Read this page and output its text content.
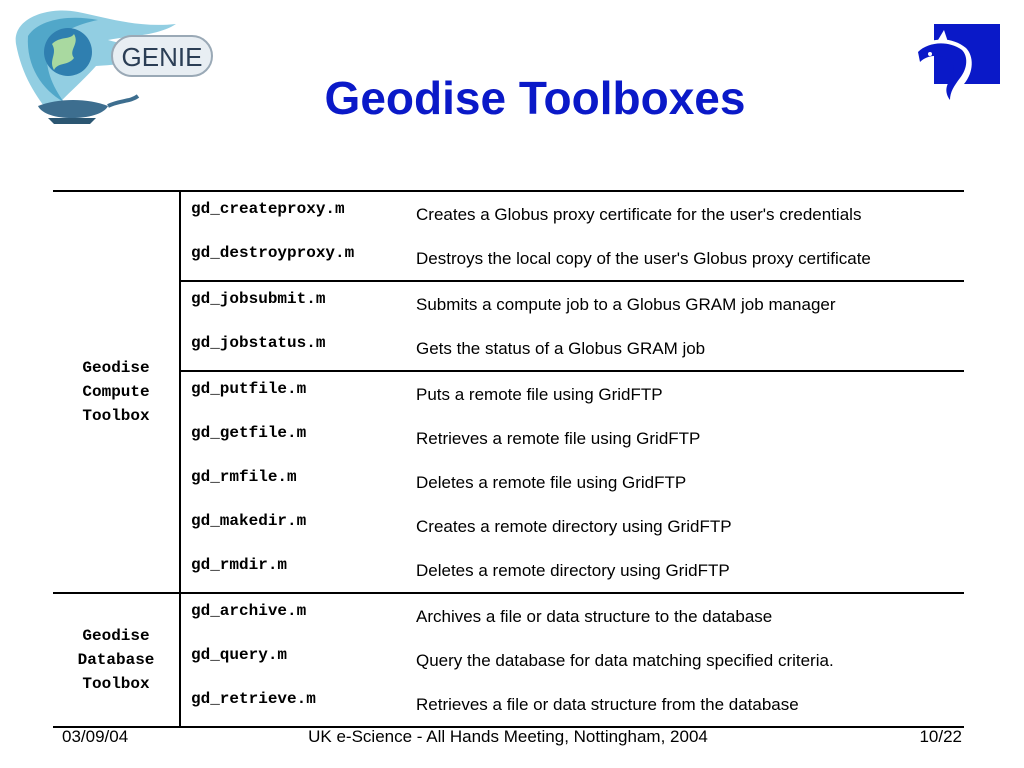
GENIE
Geodise Toolboxes
Geodise
Compute
Toolbox	gd_createproxy.m	Creates a Globus proxy certificate for the user's credentials
	gd_destroyproxy.m	Destroys the local copy of the user's Globus proxy certificate
	gd_jobsubmit.m	Submits a compute job to a Globus GRAM job manager
	gd_jobstatus.m	Gets the status of a Globus GRAM job
	gd_putfile.m	Puts a remote file using GridFTP
	gd_getfile.m	Retrieves a remote file using GridFTP
	gd_rmfile.m	Deletes a remote file using GridFTP
	gd_makedir.m	Creates a remote directory using GridFTP
	gd_rmdir.m	Deletes a remote directory using GridFTP

Geodise
Database
Toolbox	gd_archive.m	Archives a file or data structure to the database
	gd_query.m	Query the database for data matching specified criteria.
	gd_retrieve.m	Retrieves a file or data structure from the database
03/09/04	UK e-Science - All Hands Meeting, Nottingham, 2004	10/22
